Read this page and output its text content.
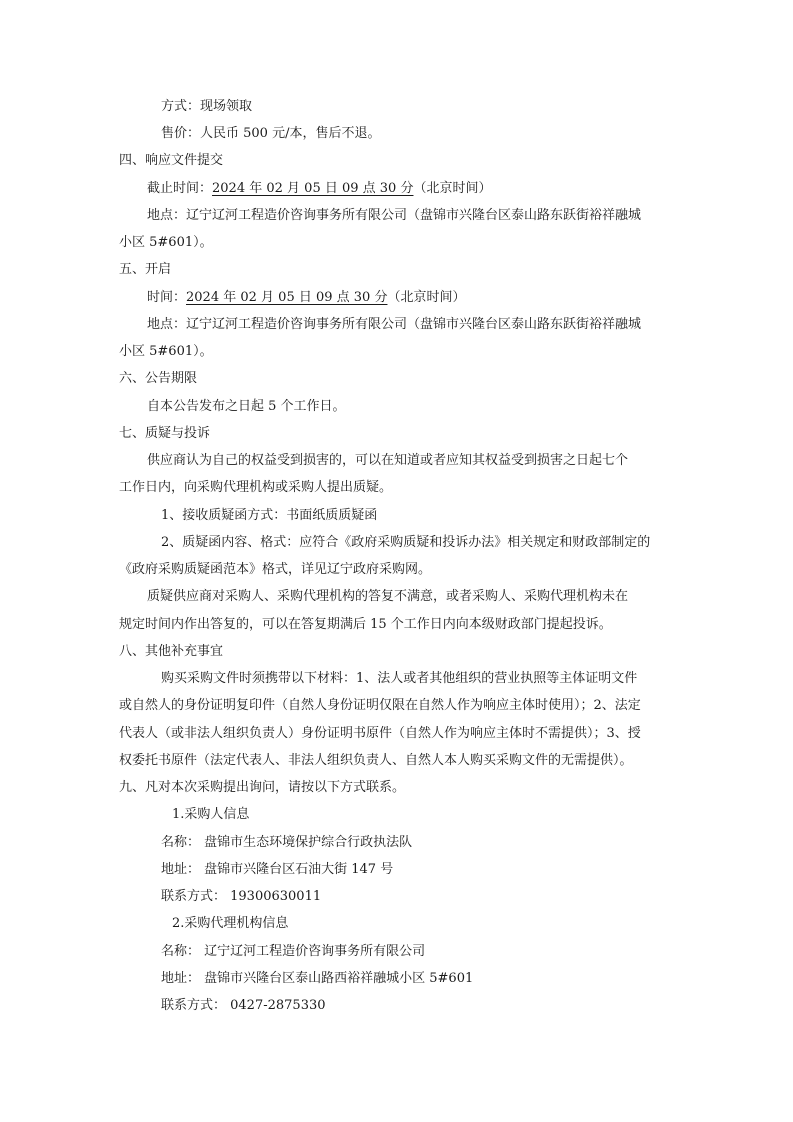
方式：现场领取
售价：人民币 500 元/本，售后不退。
四、响应文件提交
截止时间：2024 年 02 月 05 日 09 点 30 分（北京时间）
地点：辽宁辽河工程造价咨询事务所有限公司（盘锦市兴隆台区泰山路东跃街裕祥融城
小区 5#601）。
五、开启
时间：2024 年 02 月 05 日 09 点 30 分（北京时间）
地点：辽宁辽河工程造价咨询事务所有限公司（盘锦市兴隆台区泰山路东跃街裕祥融城
小区 5#601）。
六、公告期限
自本公告发布之日起 5 个工作日。
七、质疑与投诉
供应商认为自己的权益受到损害的，可以在知道或者应知其权益受到损害之日起七个
工作日内，向采购代理机构或采购人提出质疑。
1、接收质疑函方式：书面纸质质疑函
2、质疑函内容、格式：应符合《政府采购质疑和投诉办法》相关规定和财政部制定的
《政府采购质疑函范本》格式，详见辽宁政府采购网。
质疑供应商对采购人、采购代理机构的答复不满意，或者采购人、采购代理机构未在
规定时间内作出答复的，可以在答复期满后 15 个工作日内向本级财政部门提起投诉。
八、其他补充事宜
购买采购文件时须携带以下材料：1、法人或者其他组织的营业执照等主体证明文件
或自然人的身份证明复印件（自然人身份证明仅限在自然人作为响应主体时使用）；2、法定
代表人（或非法人组织负责人）身份证明书原件（自然人作为响应主体时不需提供）；3、授
权委托书原件（法定代表人、非法人组织负责人、自然人本人购买采购文件的无需提供）。
九、凡对本次采购提出询问，请按以下方式联系。
1.采购人信息
名称： 盘锦市生态环境保护综合行政执法队
地址： 盘锦市兴隆台区石油大街 147 号
联系方式： 19300630011
2.采购代理机构信息
名称： 辽宁辽河工程造价咨询事务所有限公司
地址： 盘锦市兴隆台区泰山路西裕祥融城小区 5#601
联系方式： 0427-2875330
